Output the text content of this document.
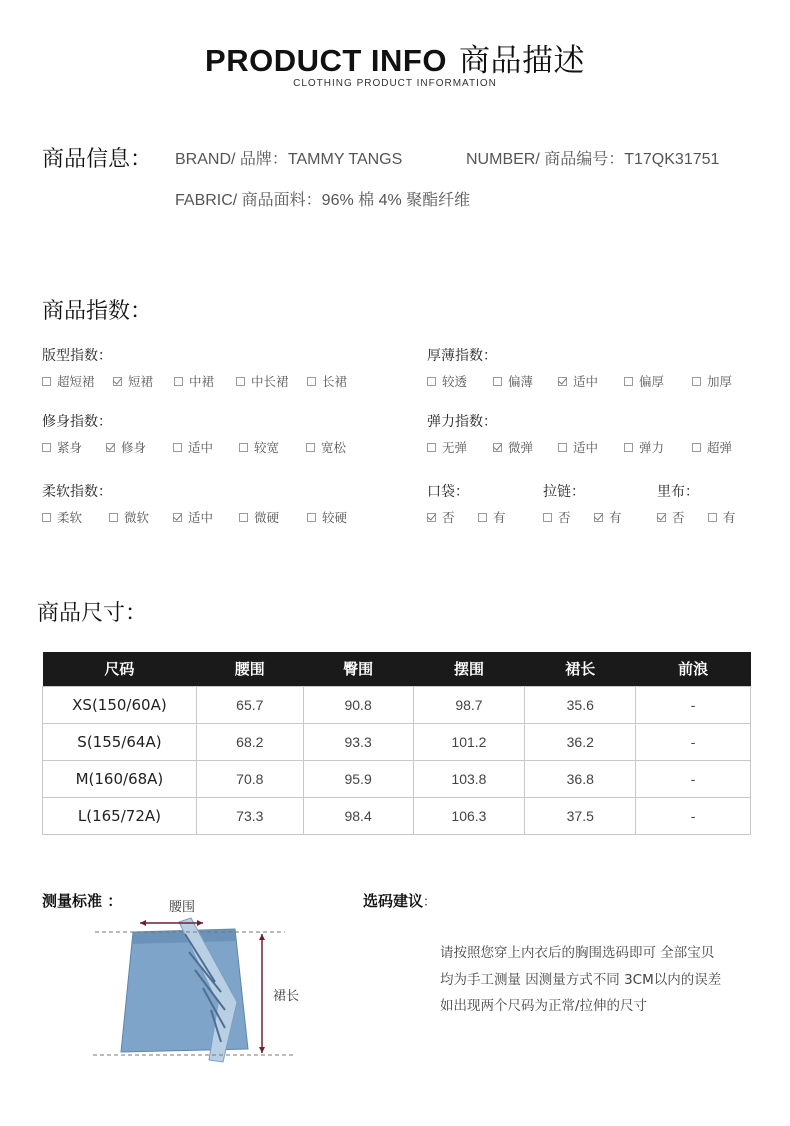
PRODUCT INFO 商品描述
CLOTHING PRODUCT INFORMATION
商品信息： BRAND/ 品牌：TAMMY TANGS	NUMBER/ 商品编号：T17QK31751
FABRIC/ 商品面料：96% 棉 4% 聚酯纤维
商品指数：
版型指数：
超短裙	短裙	中裙	中长裙	长裙
厚薄指数：
较透	偏薄	适中	偏厚	加厚
修身指数：
紧身	修身	适中	较宽	宽松
弹力指数：
无弹	微弹	适中	弹力	超弹
柔软指数：
柔软	微软	适中	微硬	较硬
口袋：
否	有
拉链：
否	有
里布：
否	有
商品尺寸：
尺码	腰围	臀围	摆围	裙长	前浪
XS(150/60A)	65.7	90.8	98.7	35.6	-
S(155/64A)	68.2	93.3	101.2	36.2	-
M(160/68A)	70.8	95.9	103.8	36.8	-
L(165/72A)	73.3	98.4	106.3	37.5	-
测量标准 ：	腰围
裙长
选码建议：

请按照您穿上内衣后的胸围选码即可 全部宝贝

均为手工测量 因测量方式不同 3CM以内的误差

如出现两个尺码为正常/拉伸的尺寸
